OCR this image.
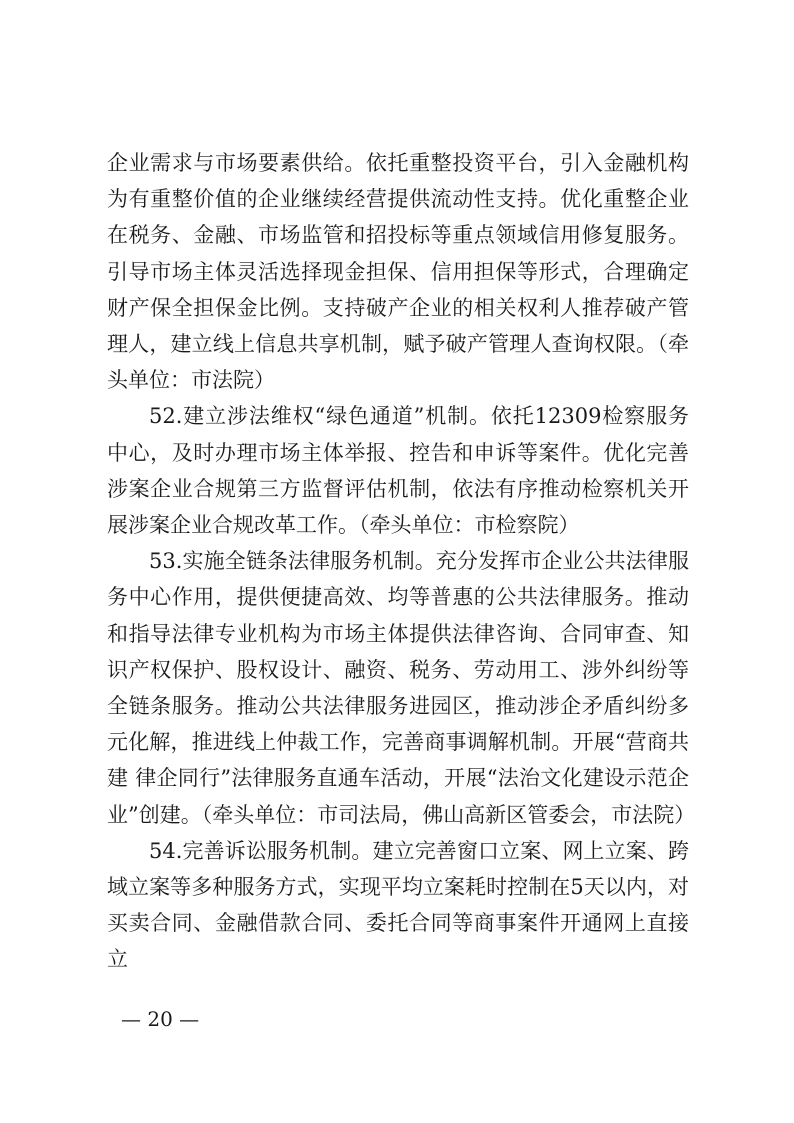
企业需求与市场要素供给。依托重整投资平台，引入金融机构为有重整价值的企业继续经营提供流动性支持。优化重整企业在税务、金融、市场监管和招投标等重点领域信用修复服务。引导市场主体灵活选择现金担保、信用担保等形式，合理确定财产保全担保金比例。支持破产企业的相关权利人推荐破产管理人，建立线上信息共享机制，赋予破产管理人查询权限。（牵头单位：市法院）

52.建立涉法维权“绿色通道”机制。依托12309检察服务中心，及时办理市场主体举报、控告和申诉等案件。优化完善涉案企业合规第三方监督评估机制，依法有序推动检察机关开展涉案企业合规改革工作。（牵头单位：市检察院）

53.实施全链条法律服务机制。充分发挥市企业公共法律服务中心作用，提供便捷高效、均等普惠的公共法律服务。推动和指导法律专业机构为市场主体提供法律咨询、合同审查、知识产权保护、股权设计、融资、税务、劳动用工、涉外纠纷等全链条服务。推动公共法律服务进园区，推动涉企矛盾纠纷多元化解，推进线上仲裁工作，完善商事调解机制。开展“营商共建 律企同行”法律服务直通车活动，开展“法治文化建设示范企业”创建。（牵头单位：市司法局，佛山高新区管委会，市法院）

54.完善诉讼服务机制。建立完善窗口立案、网上立案、跨域立案等多种服务方式，实现平均立案耗时控制在5天以内，对买卖合同、金融借款合同、委托合同等商事案件开通网上直接立

— 20 —
